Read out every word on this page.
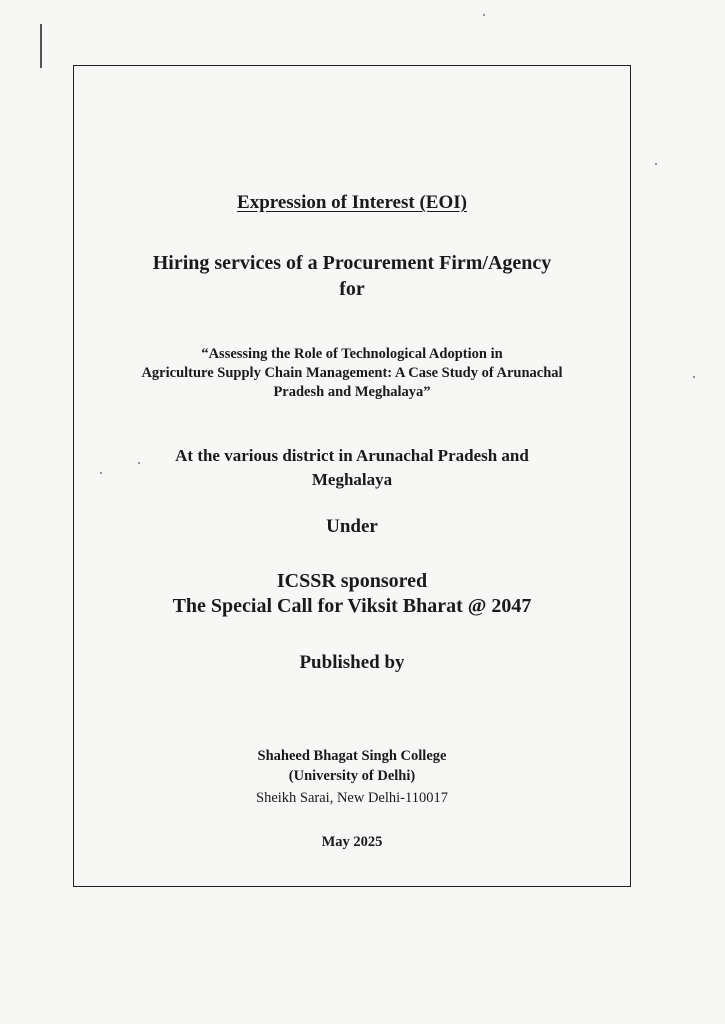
Expression of Interest (EOI)
Hiring services of a Procurement Firm/Agency
for
“Assessing the Role of Technological Adoption in
Agriculture Supply Chain Management: A Case Study of Arunachal
Pradesh and Meghalaya”
At the various district in Arunachal Pradesh and
Meghalaya
Under
ICSSR sponsored
The Special Call for Viksit Bharat @ 2047
Published by
Shaheed Bhagat Singh College
(University of Delhi)
Sheikh Sarai, New Delhi-110017
May 2025
